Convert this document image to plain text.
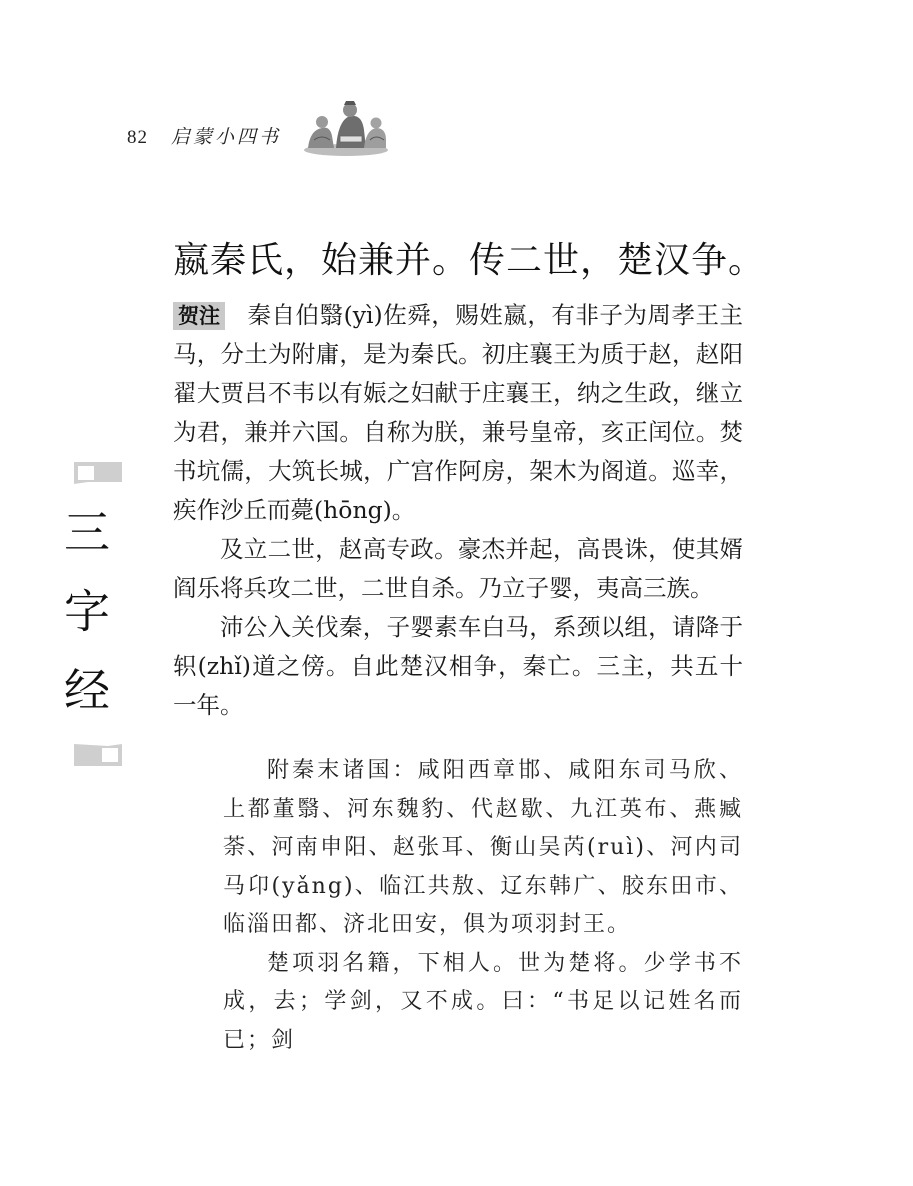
82 启蒙小四书
三字经
嬴秦氏，始兼并。传二世，楚汉争。

贺注 秦自伯翳(yì)佐舜，赐姓嬴，有非子为周孝王主马，分土为附庸，是为秦氏。初庄襄王为质于赵，赵阳翟大贾吕不韦以有娠之妇献于庄襄王，纳之生政，继立为君，兼并六国。自称为朕，兼号皇帝，亥正闰位。焚书坑儒，大筑长城，广宫作阿房，架木为阁道。巡幸，疾作沙丘而薨(hōng)。

及立二世，赵高专政。豪杰并起，高畏诛，使其婿阎乐将兵攻二世，二世自杀。乃立子婴，夷高三族。

沛公入关伐秦，子婴素车白马，系颈以组，请降于轵(zhǐ)道之傍。自此楚汉相争，秦亡。三主，共五十一年。

附秦末诸国：咸阳西章邯、咸阳东司马欣、上都董翳、河东魏豹、代赵歇、九江英布、燕臧荼、河南申阳、赵张耳、衡山吴芮(ruì)、河内司马卬(yǎng)、临江共敖、辽东韩广、胶东田市、临淄田都、济北田安，俱为项羽封王。

楚项羽名籍，下相人。世为楚将。少学书不成，去；学剑，又不成。曰：“书足以记姓名而已；剑
